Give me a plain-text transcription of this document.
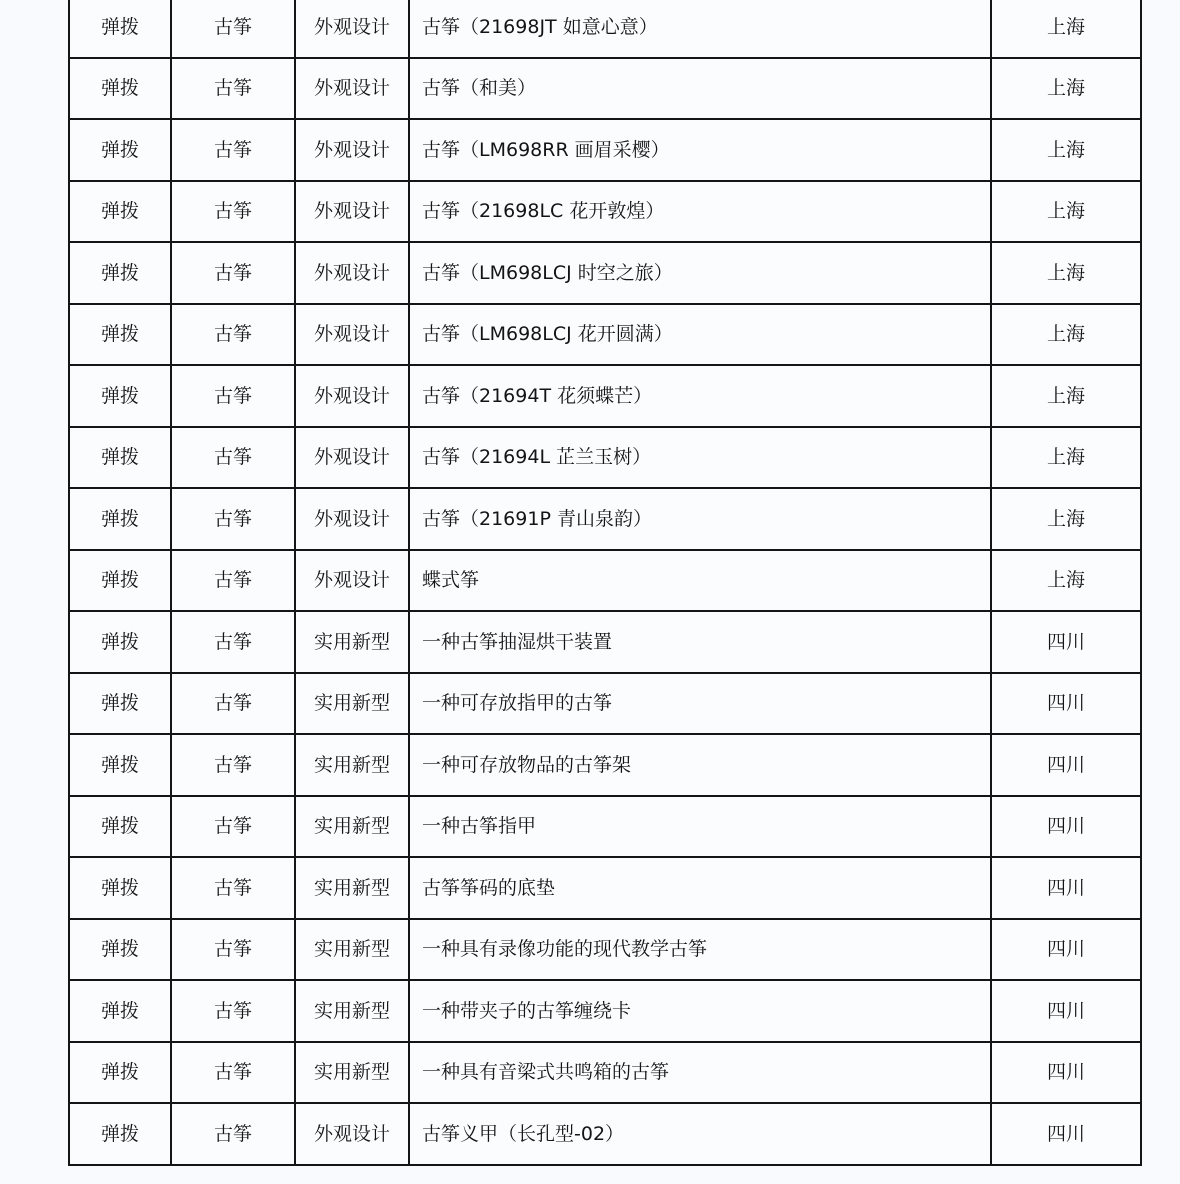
弹拨	古筝	外观设计	古筝（21698JT 如意心意）	上海
弹拨	古筝	外观设计	古筝（和美）	上海
弹拨	古筝	外观设计	古筝（LM698RR 画眉采樱）	上海
弹拨	古筝	外观设计	古筝（21698LC 花开敦煌）	上海
弹拨	古筝	外观设计	古筝（LM698LCJ 时空之旅）	上海
弹拨	古筝	外观设计	古筝（LM698LCJ 花开圆满）	上海
弹拨	古筝	外观设计	古筝（21694T 花须蝶芒）	上海
弹拨	古筝	外观设计	古筝（21694L 芷兰玉树）	上海
弹拨	古筝	外观设计	古筝（21691P 青山泉韵）	上海
弹拨	古筝	外观设计	蝶式筝	上海
弹拨	古筝	实用新型	一种古筝抽湿烘干装置	四川
弹拨	古筝	实用新型	一种可存放指甲的古筝	四川
弹拨	古筝	实用新型	一种可存放物品的古筝架	四川
弹拨	古筝	实用新型	一种古筝指甲	四川
弹拨	古筝	实用新型	古筝筝码的底垫	四川
弹拨	古筝	实用新型	一种具有录像功能的现代教学古筝	四川
弹拨	古筝	实用新型	一种带夹子的古筝缠绕卡	四川
弹拨	古筝	实用新型	一种具有音梁式共鸣箱的古筝	四川
弹拨	古筝	外观设计	古筝义甲（长孔型-02）	四川
